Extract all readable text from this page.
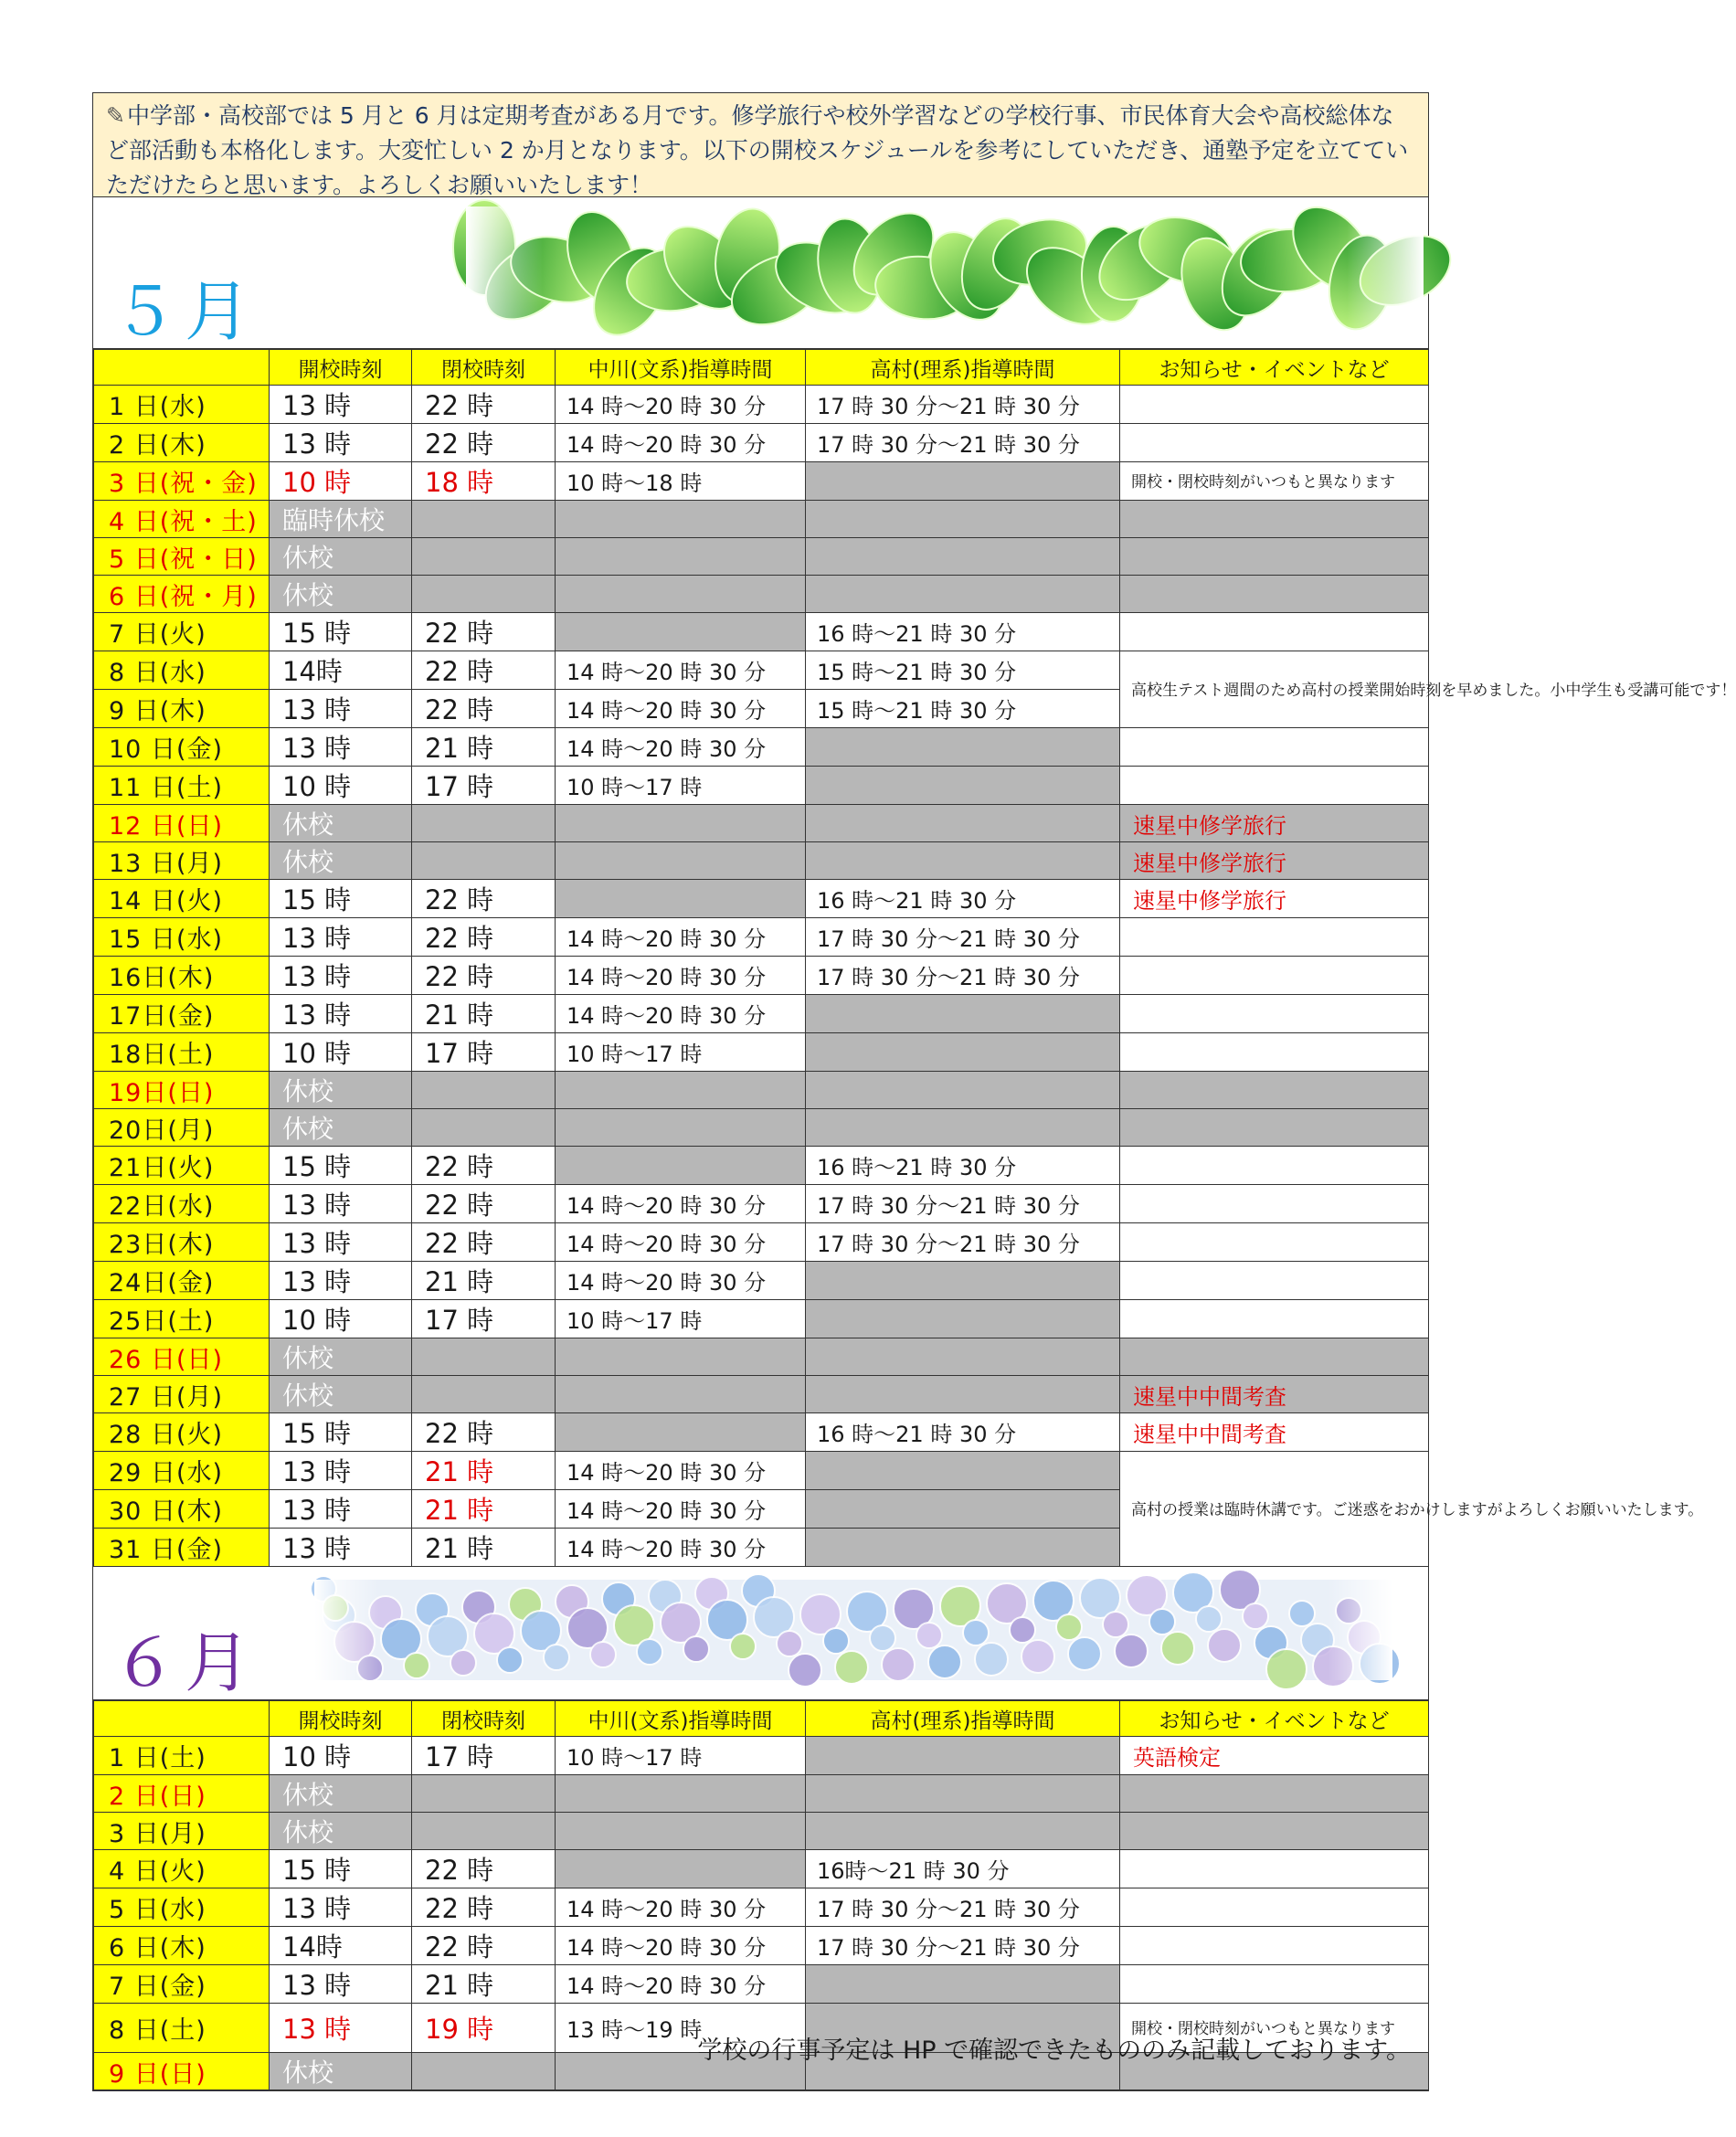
✎中学部・高校部では 5 月と 6 月は定期考査がある月です。修学旅行や校外学習などの学校行事、市民体育大会や高校総体など部活動も本格化します。大変忙しい 2 か月となります。以下の開校スケジュールを参考にしていただき、通塾予定を立てていただけたらと思います。よろしくお願いいたします！
５月
	開校時刻	閉校時刻	中川(文系)指導時間	高村(理系)指導時間	お知らせ・イベントなど
1 日(水)	13 時	22 時	14 時～20 時 30 分	17 時 30 分～21 時 30 分	
2 日(木)	13 時	22 時	14 時～20 時 30 分	17 時 30 分～21 時 30 分	
3 日(祝・金)	10 時	18 時	10 時～18 時		開校・閉校時刻がいつもと異なります
4 日(祝・土)	臨時休校				
5 日(祝・日)	休校				
6 日(祝・月)	休校				
7 日(火)	15 時	22 時		16 時～21 時 30 分	
8 日(水)	14時	22 時	14 時～20 時 30 分	15 時～21 時 30 分	高校生テスト週間のため高村の授業開始時刻を早めました。小中学生も受講可能です！
9 日(木)	13 時	22 時	14 時～20 時 30 分	15 時～21 時 30 分	
10 日(金)	13 時	21 時	14 時～20 時 30 分		
11 日(土)	10 時	17 時	10 時～17 時		
12 日(日)	休校				速星中修学旅行
13 日(月)	休校				速星中修学旅行
14 日(火)	15 時	22 時		16 時～21 時 30 分	速星中修学旅行
15 日(水)	13 時	22 時	14 時～20 時 30 分	17 時 30 分～21 時 30 分	
16日(木)	13 時	22 時	14 時～20 時 30 分	17 時 30 分～21 時 30 分	
17日(金)	13 時	21 時	14 時～20 時 30 分		
18日(土)	10 時	17 時	10 時～17 時		
19日(日)	休校				
20日(月)	休校				
21日(火)	15 時	22 時		16 時～21 時 30 分	
22日(水)	13 時	22 時	14 時～20 時 30 分	17 時 30 分～21 時 30 分	
23日(木)	13 時	22 時	14 時～20 時 30 分	17 時 30 分～21 時 30 分	
24日(金)	13 時	21 時	14 時～20 時 30 分		
25日(土)	10 時	17 時	10 時～17 時		
26 日(日)	休校				
27 日(月)	休校				速星中中間考査
28 日(火)	15 時	22 時		16 時～21 時 30 分	速星中中間考査
29 日(水)	13 時	21 時	14 時～20 時 30 分		高村の授業は臨時休講です。ご迷惑をおかけしますがよろしくお願いいたします。
30 日(木)	13 時	21 時	14 時～20 時 30 分		
31 日(金)	13 時	21 時	14 時～20 時 30 分		
６月
	開校時刻	閉校時刻	中川(文系)指導時間	高村(理系)指導時間	お知らせ・イベントなど
1 日(土)	10 時	17 時	10 時～17 時		英語検定
2 日(日)	休校				
3 日(月)	休校				
4 日(火)	15 時	22 時		16時～21 時 30 分	
5 日(水)	13 時	22 時	14 時～20 時 30 分	17 時 30 分～21 時 30 分	
6 日(木)	14時	22 時	14 時～20 時 30 分	17 時 30 分～21 時 30 分	
7 日(金)	13 時	21 時	14 時～20 時 30 分		
8 日(土)	13 時	19 時	13 時～19 時		開校・閉校時刻がいつもと異なります
9 日(日)	休校				
学校の行事予定は HP で確認できたもののみ記載しております。
